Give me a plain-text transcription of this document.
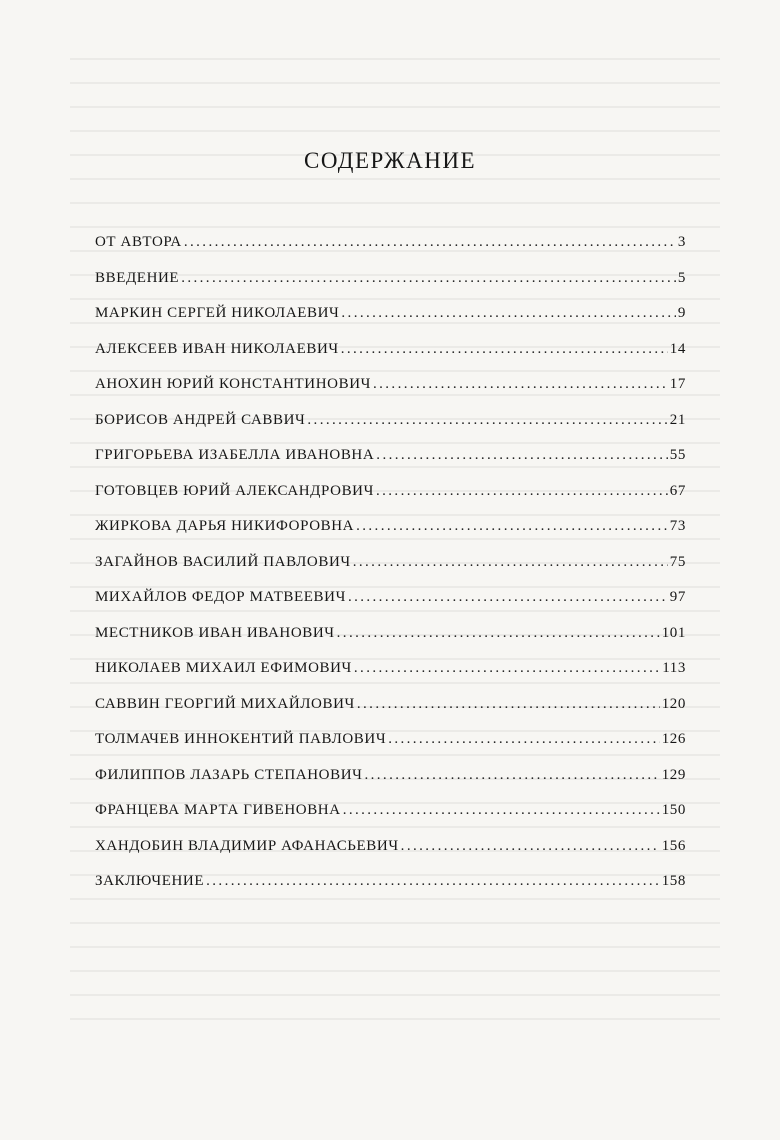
СОДЕРЖАНИЕ
ОТ АВТОРА .....	3
ВВЕДЕНИЕ .....	5
МАРКИН СЕРГЕЙ НИКОЛАЕВИЧ .....	9
АЛЕКСЕЕВ ИВАН НИКОЛАЕВИЧ .....	14
АНОХИН ЮРИЙ КОНСТАНТИНОВИЧ .....	17
БОРИСОВ АНДРЕЙ САВВИЧ .....	21
ГРИГОРЬЕВА ИЗАБЕЛЛА ИВАНОВНА .....	55
ГОТОВЦЕВ ЮРИЙ АЛЕКСАНДРОВИЧ .....	67
ЖИРКОВА ДАРЬЯ НИКИФОРОВНА .....	73
ЗАГАЙНОВ ВАСИЛИЙ ПАВЛОВИЧ .....	75
МИХАЙЛОВ ФЕДОР МАТВЕЕВИЧ .....	97
МЕСТНИКОВ ИВАН ИВАНОВИЧ .....	101
НИКОЛАЕВ МИХАИЛ ЕФИМОВИЧ .....	113
САВВИН ГЕОРГИЙ МИХАЙЛОВИЧ .....	120
ТОЛМАЧЕВ ИННОКЕНТИЙ ПАВЛОВИЧ .....	126
ФИЛИППОВ ЛАЗАРЬ СТЕПАНОВИЧ .....	129
ФРАНЦЕВА МАРТА ГИВЕНОВНА .....	150
ХАНДОБИН ВЛАДИМИР АФАНАСЬЕВИЧ .....	156
ЗАКЛЮЧЕНИЕ .....	158
